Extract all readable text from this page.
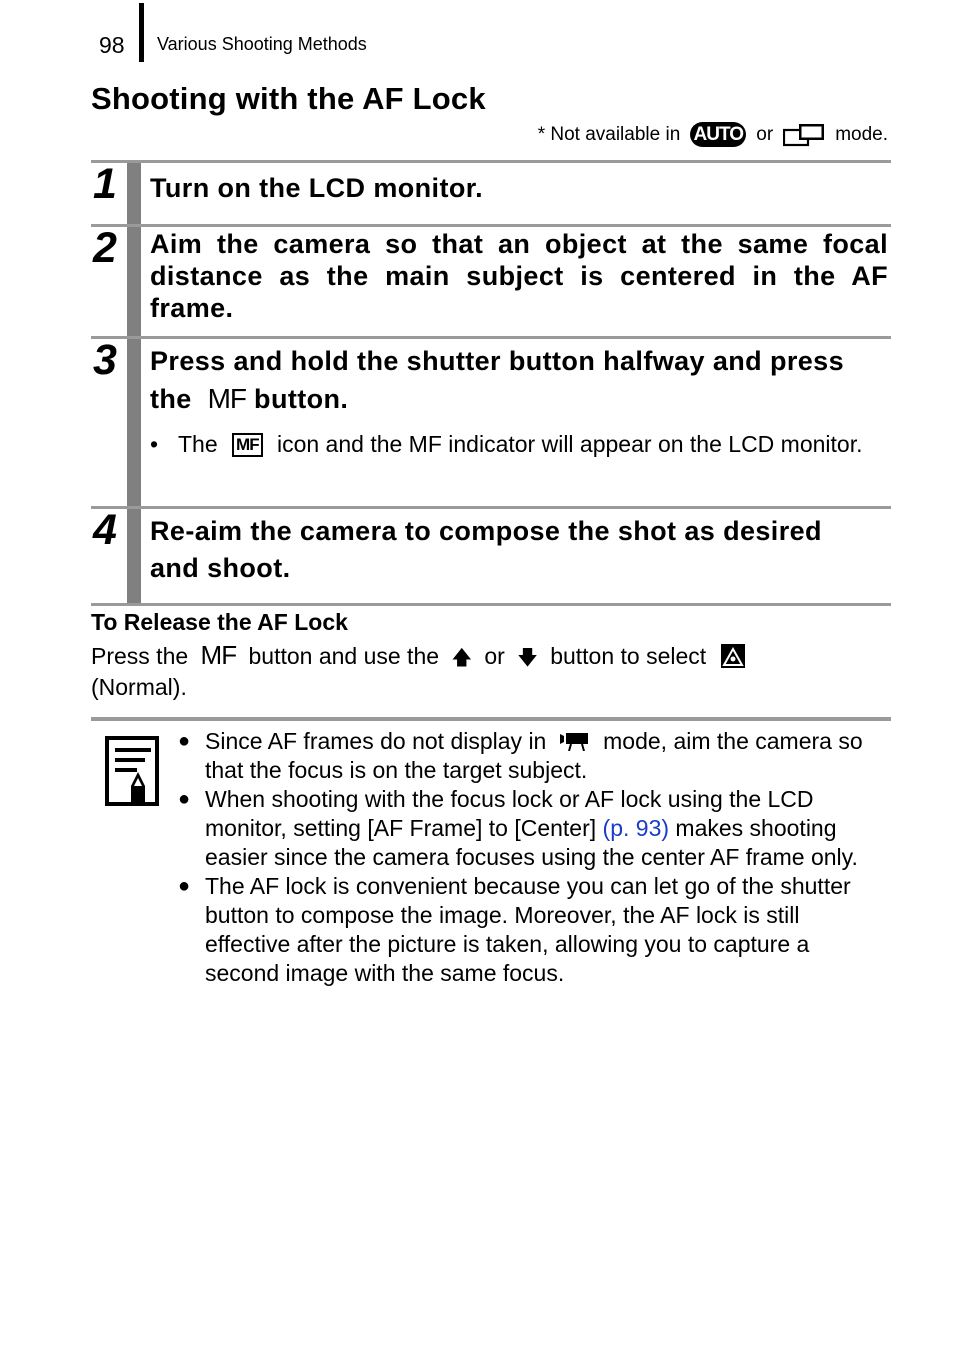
98 Various Shooting Methods
Shooting with the AF Lock
* Not available in AUTO or	mode.
1 Turn on the LCD monitor.
2 Aim the camera so that an object at the same focal distance as the main subject is centered in the AF frame.
3 Press and hold the shutter button halfway and press the MF button.
• The MF icon and the MF indicator will appear on the LCD monitor.
4 Re-aim the camera to compose the shot as desired and shoot.
To Release the AF Lock
Press the MF button and use the 🡅 or 🡇 button to select
(Normal).

● Since AF frames do not display in mode, aim the camera so that the focus is on the target subject.

● When shooting with the focus lock or AF lock using the LCD monitor, setting [AF Frame] to [Center] (p. 93) makes shooting easier since the camera focuses using the center AF frame only.

● The AF lock is convenient because you can let go of the shutter button to compose the image. Moreover, the AF lock is still effective after the picture is taken, allowing you to capture a second image with the same focus.
